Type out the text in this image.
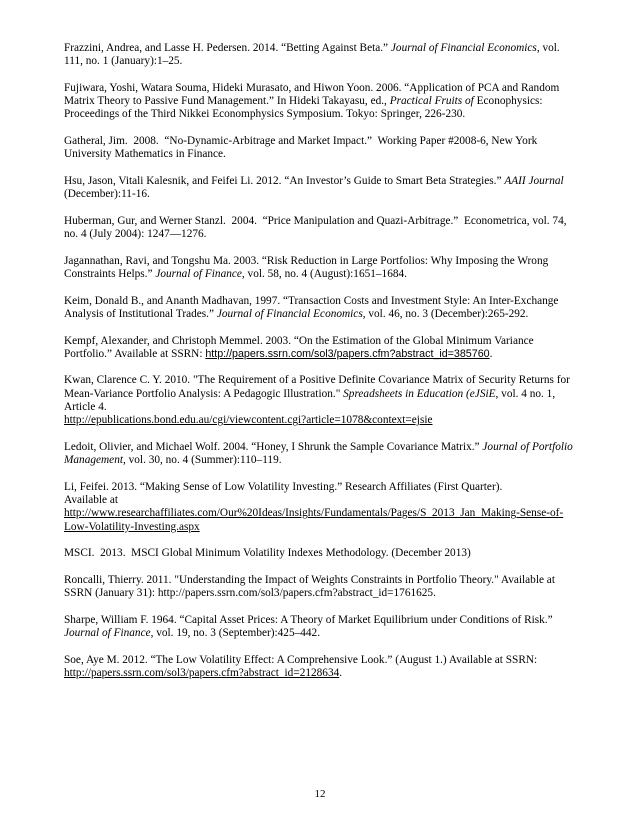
Frazzini, Andrea, and Lasse H. Pedersen. 2014. “Betting Against Beta.” Journal of Financial Economics, vol. 111, no. 1 (January):1–25.

Fujiwara, Yoshi, Watara Souma, Hideki Murasato, and Hiwon Yoon. 2006. “Application of PCA and Random Matrix Theory to Passive Fund Management.” In Hideki Takayasu, ed., Practical Fruits of Econophysics: Proceedings of the Third Nikkei Economphysics Symposium. Tokyo: Springer, 226-230.

Gatheral, Jim.  2008.  “No-Dynamic-Arbitrage and Market Impact.”  Working Paper #2008-6, New York University Mathematics in Finance.

Hsu, Jason, Vitali Kalesnik, and Feifei Li. 2012. “An Investor’s Guide to Smart Beta Strategies.” AAII Journal (December):11-16.

Huberman, Gur, and Werner Stanzl.  2004.  “Price Manipulation and Quazi-Arbitrage.”  Econometrica, vol. 74, no. 4 (July 2004): 1247—1276.

Jagannathan, Ravi, and Tongshu Ma. 2003. “Risk Reduction in Large Portfolios: Why Imposing the Wrong Constraints Helps.” Journal of Finance, vol. 58, no. 4 (August):1651–1684.

Keim, Donald B., and Ananth Madhavan, 1997. “Transaction Costs and Investment Style: An Inter-Exchange Analysis of Institutional Trades.” Journal of Financial Economics, vol. 46, no. 3 (December):265-292.

Kempf, Alexander, and Christoph Memmel. 2003. “On the Estimation of the Global Minimum Variance Portfolio.” Available at SSRN: http://papers.ssrn.com/sol3/papers.cfm?abstract_id=385760.

Kwan, Clarence C. Y. 2010. "The Requirement of a Positive Definite Covariance Matrix of Security Returns for Mean-Variance Portfolio Analysis: A Pedagogic Illustration." Spreadsheets in Education (eJSiE, vol. 4 no. 1, Article 4.
http://epublications.bond.edu.au/cgi/viewcontent.cgi?article=1078&context=ejsie

Ledoit, Olivier, and Michael Wolf. 2004. “Honey, I Shrunk the Sample Covariance Matrix.” Journal of Portfolio Management, vol. 30, no. 4 (Summer):110–119.

Li, Feifei. 2013. “Making Sense of Low Volatility Investing.” Research Affiliates (First Quarter).
Available at
http://www.researchaffiliates.com/Our%20Ideas/Insights/Fundamentals/Pages/S_2013_Jan_Making-Sense-of-Low-Volatility-Investing.aspx

MSCI.  2013.  MSCI Global Minimum Volatility Indexes Methodology. (December 2013)

Roncalli, Thierry. 2011. "Understanding the Impact of Weights Constraints in Portfolio Theory." Available at SSRN (January 31): http://papers.ssrn.com/sol3/papers.cfm?abstract_id=1761625.

Sharpe, William F. 1964. “Capital Asset Prices: A Theory of Market Equilibrium under Conditions of Risk.” Journal of Finance, vol. 19, no. 3 (September):425–442.

Soe, Aye M. 2012. “The Low Volatility Effect: A Comprehensive Look.” (August 1.) Available at SSRN:
http://papers.ssrn.com/sol3/papers.cfm?abstract_id=2128634.

12
